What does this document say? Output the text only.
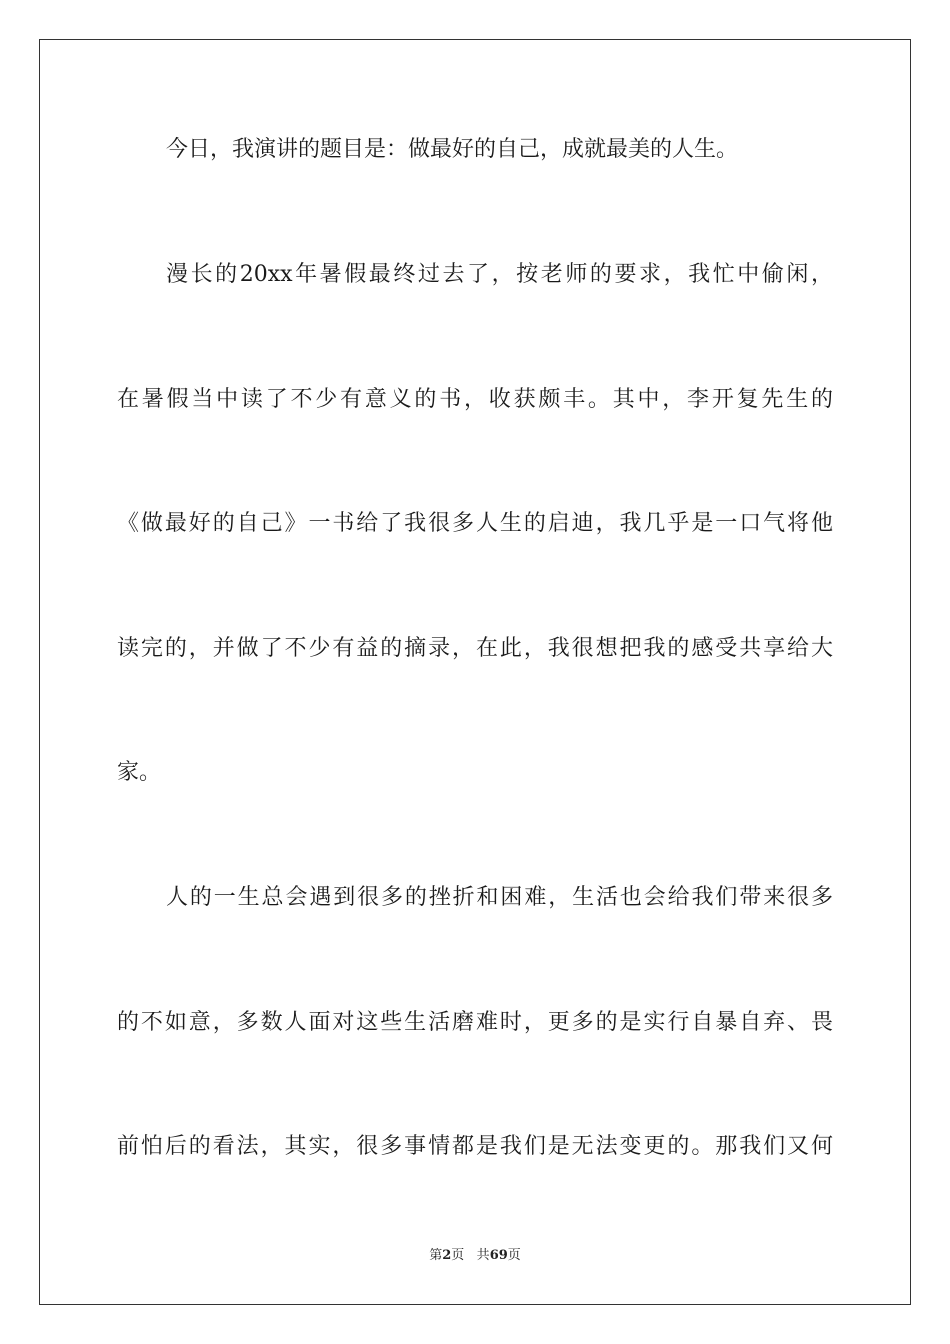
今日，我演讲的题目是：做最好的自己，成就最美的人生。
漫长的20xx年暑假最终过去了，按老师的要求，我忙中偷闲，
在暑假当中读了不少有意义的书，收获颇丰。其中，李开复先生的
《做最好的自己》一书给了我很多人生的启迪，我几乎是一口气将他
读完的，并做了不少有益的摘录，在此，我很想把我的感受共享给大
家。
人的一生总会遇到很多的挫折和困难，生活也会给我们带来很多
的不如意，多数人面对这些生活磨难时，更多的是实行自暴自弃、畏
前怕后的看法，其实，很多事情都是我们是无法变更的。那我们又何
第2页 共69页
